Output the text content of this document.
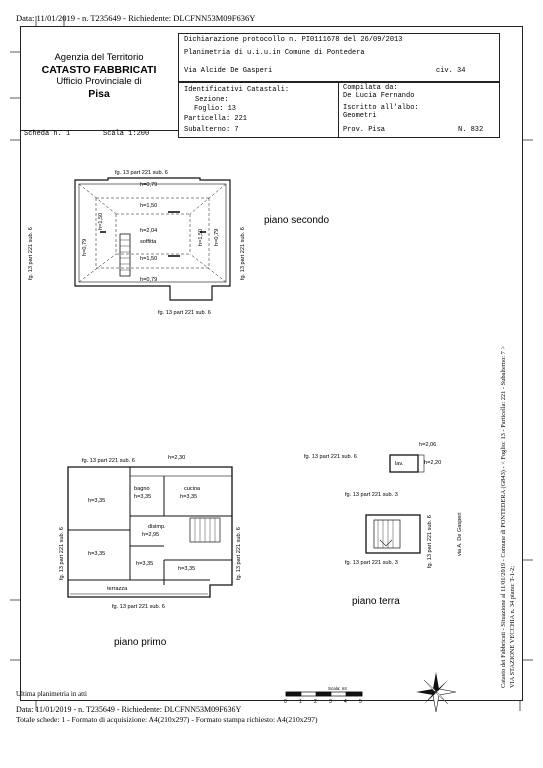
Data: 11/01/2019 - n. T235649 - Richiedente: DLCFNN53M09F636Y
Agenzia del Territorio
CATASTO FABBRICATI
Ufficio Provinciale di
Pisa
Dichiarazione protocollo n. PI0111678 del 26/09/2013
Planimetria di u.i.u.in Comune di Pontedera
Via Alcide De Gasperi	civ. 34
Identificativi Catastali:
Sezione:
Foglio: 13
Particella: 221
Subalterno: 7
Compilata da:
De Lucia Fernando
Iscritto all'albo:
Geometri
Prov. Pisa	N. 832
Scheda n. 1	Scala 1:200
fg. 13 part 221 sub. 6
fg. 13 part 221 sub. 6
fg. 13 part 221 sub. 6	fg. 13 part 221 sub. 6
h=0,79
h=1,50
h=2,04
soffitta
h=1,50
h=0,79
h=0,79
h=1,50
h=1,50 h=0,79
piano secondo
fg. 13 part 221 sub. 6	h=2,30
fg. 13 part 221 sub. 6
fg. 13 part 221 sub. 6	fg. 13 part 221 sub. 6
h=3,35
bagno
h=3,35
cucina
h=3,35
disimp.
h=2,95
h=3,35
h=3,35
h=3,35
terrazza
piano primo
fg. 13 part 221 sub. 6
lav.
h=2,06
h=2,20
fg. 13 part 221 sub. 3
fg. 13 part 221 sub. 3	fg. 13 part 221 sub. 6	via A. De Gasperi
piano terra
Scala: mt
0 1 2 3 4 5
Catasto dei Fabbricati - Situazione al 11/01/2019 - Comune di PONTEDERA (G843) - < Foglio: 13 - Particella: 221 - Subalterno: 7 > VIA STAZIONE VECCHIA n. 34 piano: T-1-2;
Ultima planimetria in atti
Data: 11/01/2019 - n. T235649 - Richiedente: DLCFNN53M09F636Y
Totale schede: 1 - Formato di acquisizione: A4(210x297) - Formato stampa richiesto: A4(210x297)
